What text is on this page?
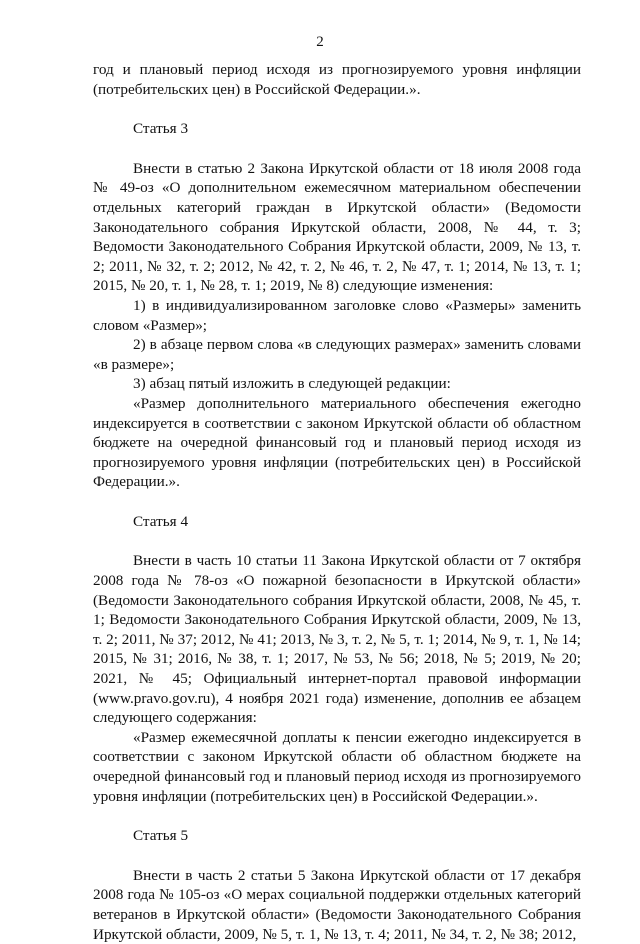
2

год и плановый период исходя из прогнозируемого уровня инфляции (потребительских цен) в Российской Федерации.».

Статья 3

Внести в статью 2 Закона Иркутской области от 18 июля 2008 года № 49-оз «О дополнительном ежемесячном материальном обеспечении отдельных категорий граждан в Иркутской области» (Ведомости Законодательного собрания Иркутской области, 2008, № 44, т. 3; Ведомости Законодательного Собрания Иркутской области, 2009, № 13, т. 2; 2011, № 32, т. 2; 2012, № 42, т. 2, № 46, т. 2, № 47, т. 1; 2014, № 13, т. 1; 2015, № 20, т. 1, № 28, т. 1; 2019, № 8) следующие изменения:

1) в индивидуализированном заголовке слово «Размеры» заменить словом «Размер»;

2) в абзаце первом слова «в следующих размерах» заменить словами «в размере»;

3) абзац пятый изложить в следующей редакции:

«Размер дополнительного материального обеспечения ежегодно индексируется в соответствии с законом Иркутской области об областном бюджете на очередной финансовый год и плановый период исходя из прогнозируемого уровня инфляции (потребительских цен) в Российской Федерации.».

Статья 4

Внести в часть 10 статьи 11 Закона Иркутской области от 7 октября 2008 года № 78-оз «О пожарной безопасности в Иркутской области» (Ведомости Законодательного собрания Иркутской области, 2008, № 45, т. 1; Ведомости Законодательного Собрания Иркутской области, 2009, № 13, т. 2; 2011, № 37; 2012, № 41; 2013, № 3, т. 2, № 5, т. 1; 2014, № 9, т. 1, № 14; 2015, № 31; 2016, № 38, т. 1; 2017, № 53, № 56; 2018, № 5; 2019, № 20; 2021, № 45; Официальный интернет-портал правовой информации (www.pravo.gov.ru), 4 ноября 2021 года) изменение, дополнив ее абзацем следующего содержания:

«Размер ежемесячной доплаты к пенсии ежегодно индексируется в соответствии с законом Иркутской области об областном бюджете на очередной финансовый год и плановый период исходя из прогнозируемого уровня инфляции (потребительских цен) в Российской Федерации.».

Статья 5

Внести в часть 2 статьи 5 Закона Иркутской области от 17 декабря 2008 года № 105-оз «О мерах социальной поддержки отдельных категорий ветеранов в Иркутской области» (Ведомости Законодательного Собрания Иркутской области, 2009, № 5, т. 1, № 13, т. 4; 2011, № 34, т. 2, № 38; 2012,
